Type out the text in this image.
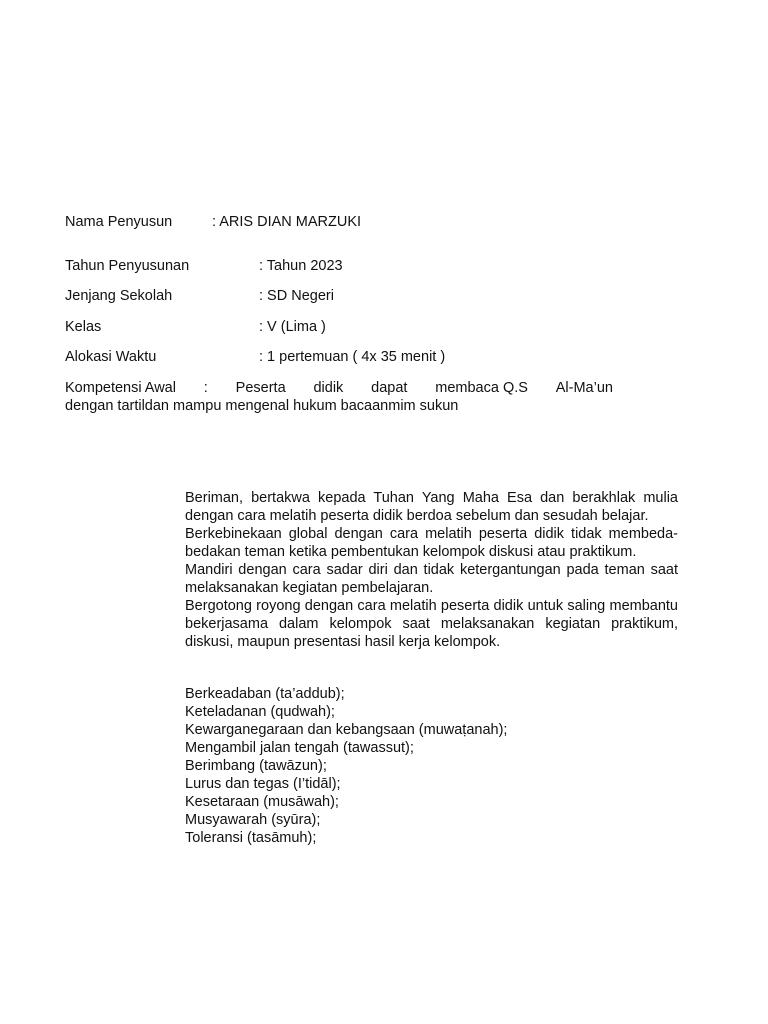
Nama Penyusun	: ARIS DIAN MARZUKI
Tahun Penyusunan	: Tahun 2023
Jenjang Sekolah	: SD Negeri
Kelas	: V (Lima )
Alokasi Waktu	: 1 pertemuan ( 4x 35 menit )
Kompetensi Awal : Peserta didik dapat membaca Q.S Al-Ma’un
dengan tartildan mampu mengenal hukum bacaanmim sukun

Beriman, bertakwa kepada Tuhan Yang Maha Esa dan berakhlak mulia dengan cara melatih peserta didik berdoa sebelum dan sesudah belajar.

Berkebinekaan global dengan cara melatih peserta didik tidak membeda-bedakan teman ketika pembentukan kelompok diskusi atau praktikum.

Mandiri dengan cara sadar diri dan tidak ketergantungan pada teman saat melaksanakan kegiatan pembelajaran.

Bergotong royong dengan cara melatih peserta didik untuk saling membantu bekerjasama dalam kelompok saat melaksanakan kegiatan praktikum, diskusi, maupun presentasi hasil kerja kelompok.

Berkeadaban (ta’addub);
Keteladanan (qudwah);
Kewarganegaraan dan kebangsaan (muwaṭanah);
Mengambil jalan tengah (tawassut);
Berimbang (tawāzun);
Lurus dan tegas (I’tidāl);
Kesetaraan (musāwah);
Musyawarah (syūra);
Toleransi (tasāmuh);
